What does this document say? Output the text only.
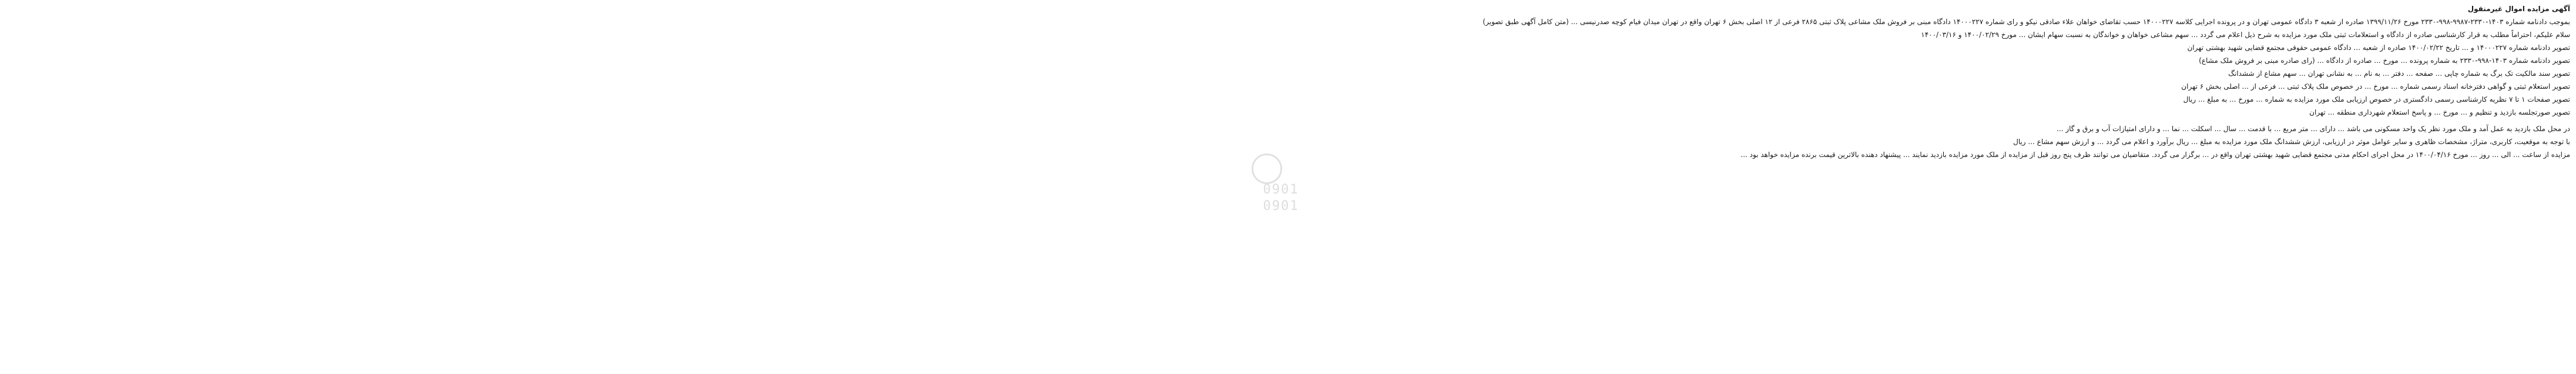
آگهی مزایده اموال غیرمنقول
بموجب دادنامه شماره ۱۴۰۳-۲۳۳۰-۹۹۸۷-۹۹۸-۲۳۳۰ مورخ ۱۳۹۹/۱۱/۲۶ صادره از شعبه ۳ دادگاه عمومی تهران و در پرونده اجرایی کلاسه ۱۴۰۰۰۲۲۷ حسب تقاضای خواهان علاء صادقی نیکو و رای شماره ۱۴۰۰۰۲۲۷ دادگاه مبنی بر فروش ملک مشاعی پلاک ثبتی ۲۸۶۵ فرعی از ۱۲ اصلی بخش ۶ تهران واقع در تهران میدان فیام کوچه صدرنیسی ... (متن کامل آگهی طبق تصویر)
سلام علیکم، احتراماً مطلب به قرار کارشناسی صادره از دادگاه و استعلامات ثبتی ملک مورد مزایده به شرح ذیل اعلام می گردد ... سهم مشاعی خواهان و خواندگان به نسبت سهام ایشان ... مورخ ۱۴۰۰/۰۲/۲۹ و ۱۴۰۰/۰۳/۱۶
تصویر دادنامه شماره ۱۴۰۰۰۲۲۷ و ... تاریخ ۱۴۰۰/۰۲/۲۲ صادره از شعبه ... دادگاه عمومی حقوقی مجتمع قضایی شهید بهشتی تهران
تصویر دادنامه شماره ۱۴۰۳-۹۹۸-۲۳۳۰ به شماره پرونده ... مورخ ... صادره از دادگاه ... (رای صادره مبنی بر فروش ملک مشاع)
تصویر سند مالکیت تک برگ به شماره چاپی ... صفحه ... دفتر ... به نام ... به نشانی تهران ... سهم مشاع از ششدانگ
تصویر استعلام ثبتی و گواهی دفترخانه اسناد رسمی شماره ... مورخ ... در خصوص ملک پلاک ثبتی ... فرعی از ... اصلی بخش ۶ تهران
تصویر صفحات ۱ تا ۷ نظریه کارشناسی رسمی دادگستری در خصوص ارزیابی ملک مورد مزایده به شماره ... مورخ ... به مبلغ ... ریال
تصویر صورتجلسه بازدید و تنظیم و ... مورخ ... و پاسخ استعلام شهرداری منطقه ... تهران
در محل ملک بازدید به عمل آمد و ملک مورد نظر یک واحد مسکونی می باشد ... دارای ... متر مربع ... با قدمت ... سال ... اسکلت ... نما ... و دارای امتیازات آب و برق و گاز ...
با توجه به موقعیت، کاربری، متراژ، مشخصات ظاهری و سایر عوامل موثر در ارزیابی، ارزش ششدانگ ملک مورد مزایده به مبلغ ... ریال برآورد و اعلام می گردد ... و ارزش سهم مشاع ... ریال
مزایده از ساعت ... الی ... روز ... مورخ ۱۴۰۰/۰۴/۱۶ در محل اجرای احکام مدنی مجتمع قضایی شهید بهشتی تهران واقع در ... برگزار می گردد. متقاضیان می توانند ظرف پنج روز قبل از مزایده از ملک مورد مزایده بازدید نمایند ... پیشنهاد دهنده بالاترین قیمت برنده مزایده خواهد بود ...
0901
0901
